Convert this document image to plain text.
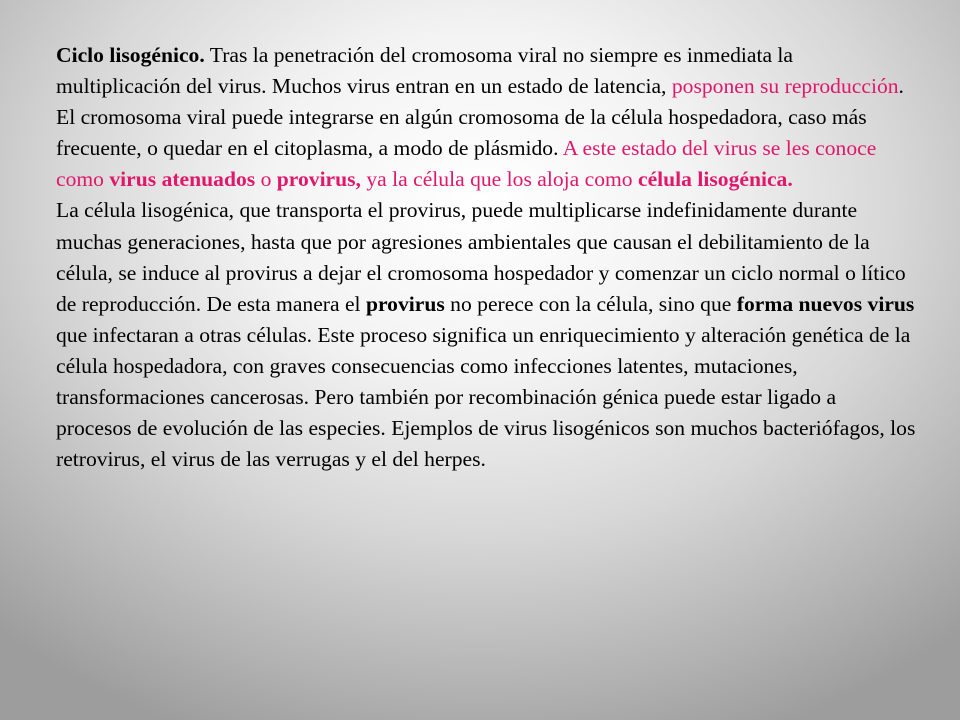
Ciclo lisogénico. Tras la penetración del cromosoma viral no siempre es inmediata la multiplicación del virus. Muchos virus entran en un estado de latencia, posponen su reproducción. El cromosoma viral puede integrarse en algún cromosoma de la célula hospedadora, caso más frecuente, o quedar en el citoplasma, a modo de plásmido. A este estado del virus se les conoce como virus atenuados o provirus, ya la célula que los aloja como célula lisogénica.

La célula lisogénica, que transporta el provirus, puede multiplicarse indefinidamente durante muchas generaciones, hasta que por agresiones ambientales que causan el debilitamiento de la célula, se induce al provirus a dejar el cromosoma hospedador y comenzar un ciclo normal o lítico de reproducción. De esta manera el provirus no perece con la célula, sino que forma nuevos virus que infectaran a otras células. Este proceso significa un enriquecimiento y alteración genética de la célula hospedadora, con graves consecuencias como infecciones latentes, mutaciones, transformaciones cancerosas. Pero también por recombinación génica puede estar ligado a procesos de evolución de las especies. Ejemplos de virus lisogénicos son muchos bacteriófagos, los retrovirus, el virus de las verrugas y el del herpes.
